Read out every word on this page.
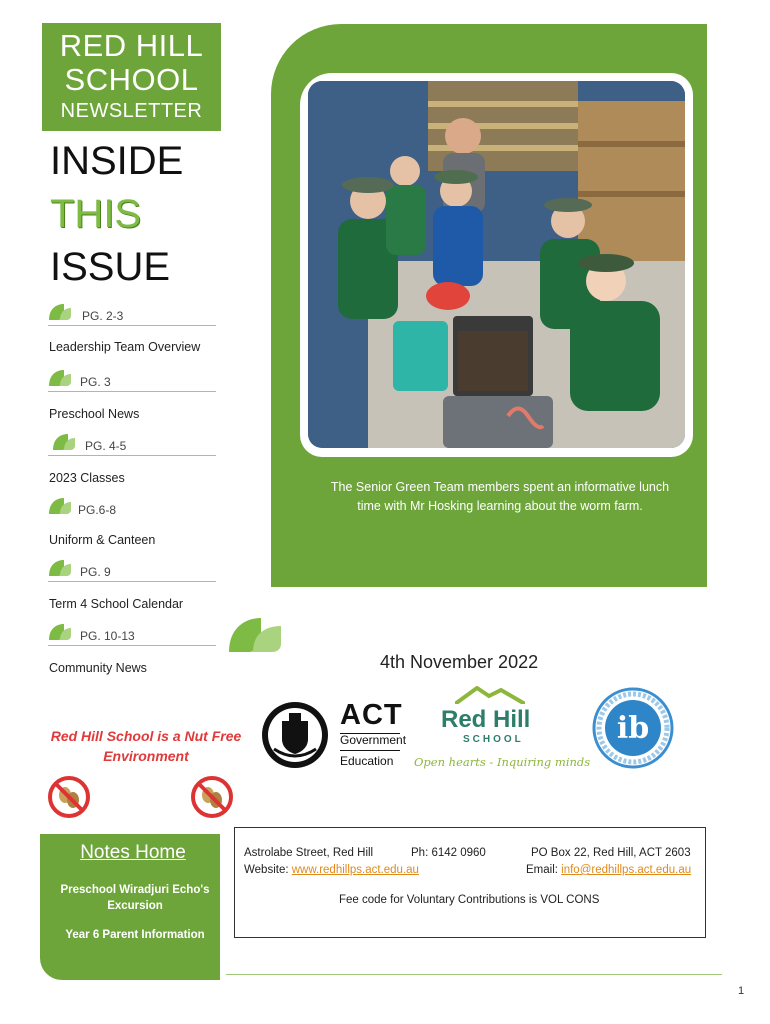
RED HILL
SCHOOL
NEWSLETTER
INSIDE
THIS
ISSUE
PG. 2-3
Leadership Team Overview
PG. 3
Preschool News
PG. 4-5
2023 Classes
PG.6-8
Uniform & Canteen
PG. 9
Term 4 School Calendar
PG. 10-13
Community News
The Senior Green Team members spent an informative lunch time with Mr Hosking learning about the worm farm.
4th November 2022
ACT
Government
Education
Red Hill
SCHOOL
Open hearts - Inquiring minds
ib
Red Hill School is a Nut Free Environment
Notes Home
Preschool Wiradjuri Echo's Excursion
Year 6 Parent Information
Astrolabe Street, Red Hill	Ph: 6142 0960	PO Box 22, Red Hill, ACT 2603
Website: www.redhillps.act.edu.au	Email: info@redhillps.act.edu.au
Fee code for Voluntary Contributions is VOL CONS
1
